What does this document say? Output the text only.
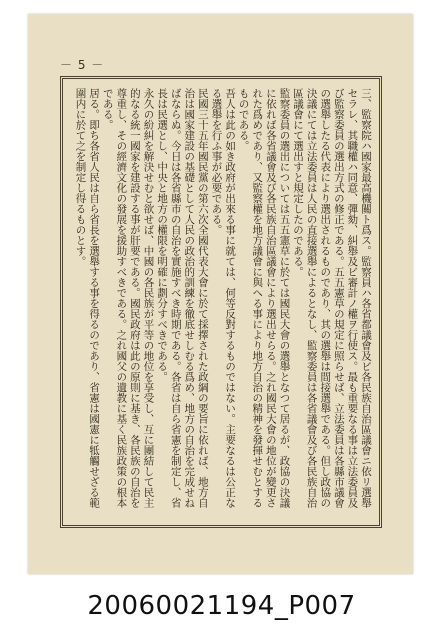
－ 5 －

三、監察院ハ國家最高機關ト爲ス。監察員ハ各省都議會及ビ各民族自治區議會ニ依リ選舉セラレ、其職權ハ同意、彈劾、糾舉及ビ審計ノ權ヲ行使ス。最も重要なる事は立法委員及び監察委員の選出方式の修正である。五五憲草の規定に照らせば、立法委員は各縣市議會の選舉したる代表により選出されるものであり、其の選舉は間接選舉である。但し政協の決議にては立法委員は人民の直接選舉によるとなし、監察委員は各省議會及び各民族自治區議會にて選出すと規定したのである。

監察委員の選出については五五憲草に於ては國民大會の選舉となつて居るが、政協の決議に依れば各省議會及び各民族自治區議會により選出せらる。之れ國民大會の地位が變更された爲めであり、又監察權を地方議會に與へる事により地方自治の精神を發揮せむとするものである。

吾人は此の如き政府が出來る事に就ては、何等反對するものではない。主要なるは公正なる選舉を行ふ事が必要である。

民國三十五年國民黨の第六次全國代表大會に於て採擇された政綱の要旨に依れば、地方自治は國家建設の基礎として人民の政治的訓練を徹底せしむる爲め、地方の自治を完成せねばならぬ。今日は各省縣市の自治を實施すべき時期である。各省は自ら省憲を制定し、省長は民選とし、中央と地方の權限を明確に劃分すべきである。

永久の紛糾を解決せむと欲せば、中國の各民族が平等の地位を享受し、互に團結して民主的なる統一國家を建設する事が肝要である。國民政府は此の原則に基き、各民族の自治を尊重し、その經濟文化の發展を援助すべきである。之れ國父の遺教に基く民族政策の根本である。

居る。即ち各省人民は自ら省長を選舉する事を得るのであり、省憲は國憲に牴觸せざる範圍内に於て之を制定し得るものとす。

20060021194_P007
